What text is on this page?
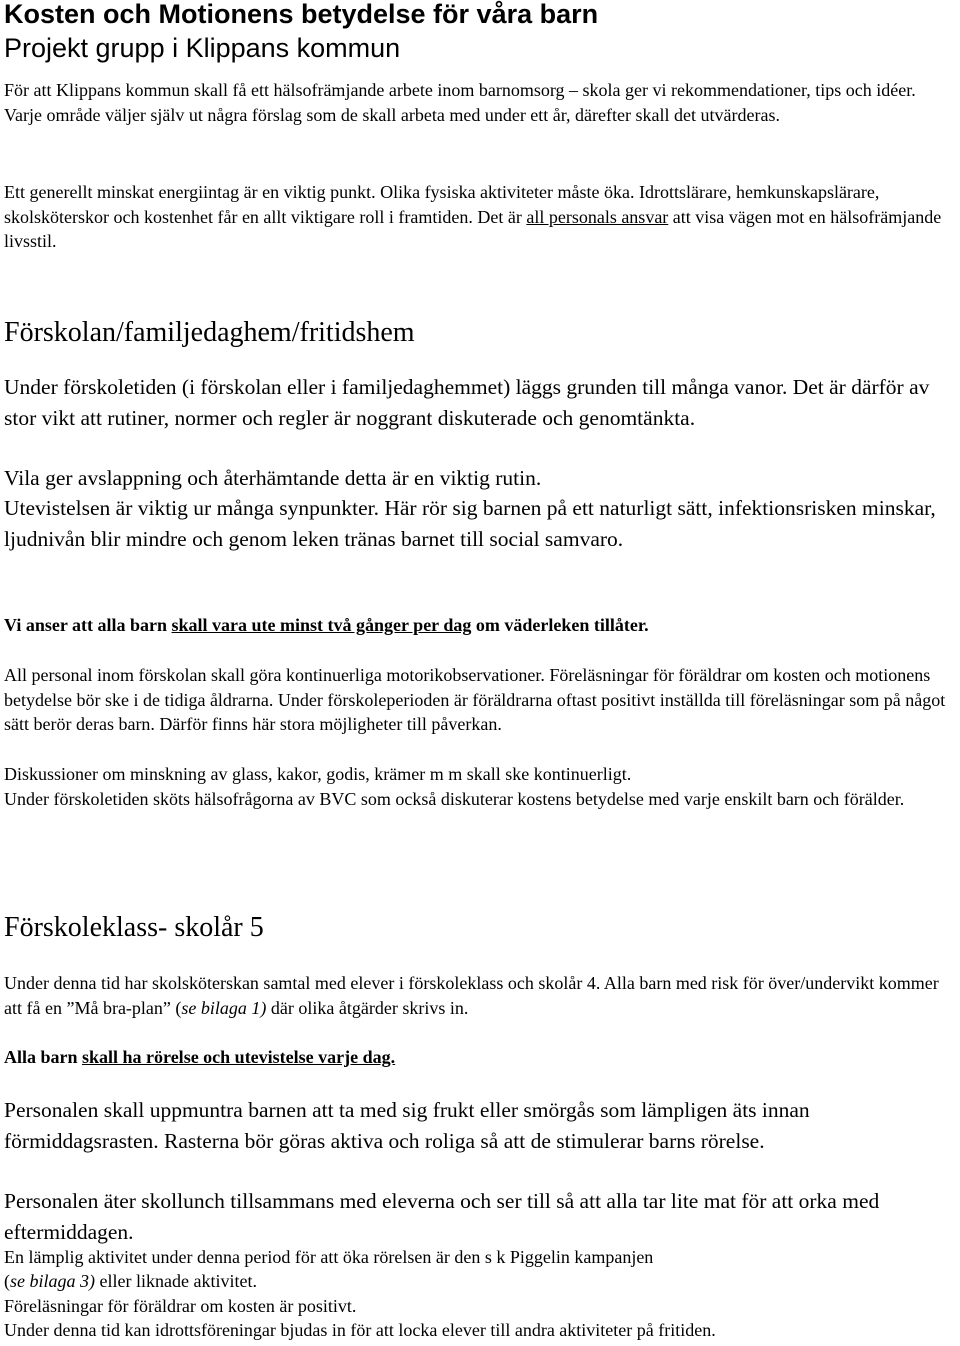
Kosten och Motionens betydelse för våra barn
Projekt grupp i Klippans kommun

För att Klippans kommun skall få ett hälsofrämjande arbete inom barnomsorg – skola ger vi rekommendationer, tips och idéer. Varje område väljer själv ut några förslag som de skall arbeta med under ett år, därefter skall det utvärderas.

Ett generellt minskat energiintag är en viktig punkt. Olika fysiska aktiviteter måste öka. Idrottslärare, hemkunskapslärare, skolsköterskor och kostenhet får en allt viktigare roll i framtiden. Det är all personals ansvar att visa vägen mot en hälsofrämjande livsstil.

Förskolan/familjedaghem/fritidshem
Under förskoletiden (i förskolan eller i familjedaghemmet) läggs grunden till många vanor. Det är därför av stor vikt att rutiner, normer och regler är noggrant diskuterade och genomtänkta.
Vila ger avslappning och återhämtande detta är en viktig rutin.
Utevistelsen är viktig ur många synpunkter. Här rör sig barnen på ett naturligt sätt, infektionsrisken minskar, ljudnivån blir mindre och genom leken tränas barnet till social samvaro.
Vi anser att alla barn skall vara ute minst två gånger per dag om väderleken tillåter.
All personal inom förskolan skall göra kontinuerliga motorikobservationer. Föreläsningar för föräldrar om kosten och motionens betydelse bör ske i de tidiga åldrarna. Under förskoleperioden är föräldrarna oftast positivt inställda till föreläsningar som på något sätt berör deras barn. Därför finns här stora möjligheter till påverkan.
Diskussioner om minskning av glass, kakor, godis, krämer m m skall ske kontinuerligt.
Under förskoletiden sköts hälsofrågorna av BVC som också diskuterar kostens betydelse med varje enskilt barn och förälder.
Förskoleklass- skolår 5
Under denna tid har skolsköterskan samtal med elever i förskoleklass och skolår 4. Alla barn med risk för över/undervikt kommer att få en ”Må bra-plan” (se bilaga 1) där olika åtgärder skrivs in.
Alla barn skall ha rörelse och utevistelse varje dag.
Personalen skall uppmuntra barnen att ta med sig frukt eller smörgås som lämpligen äts innan förmiddagsrasten. Rasterna bör göras aktiva och roliga så att de stimulerar barns rörelse.
Personalen äter skollunch tillsammans med eleverna och ser till så att alla tar lite mat för att orka med eftermiddagen.
En lämplig aktivitet under denna period för att öka rörelsen är den s k Piggelin kampanjen
(se bilaga 3) eller liknade aktivitet.
Föreläsningar för föräldrar om kosten är positivt.
Under denna tid kan idrottsföreningar bjudas in för att locka elever till andra aktiviteter på fritiden.
